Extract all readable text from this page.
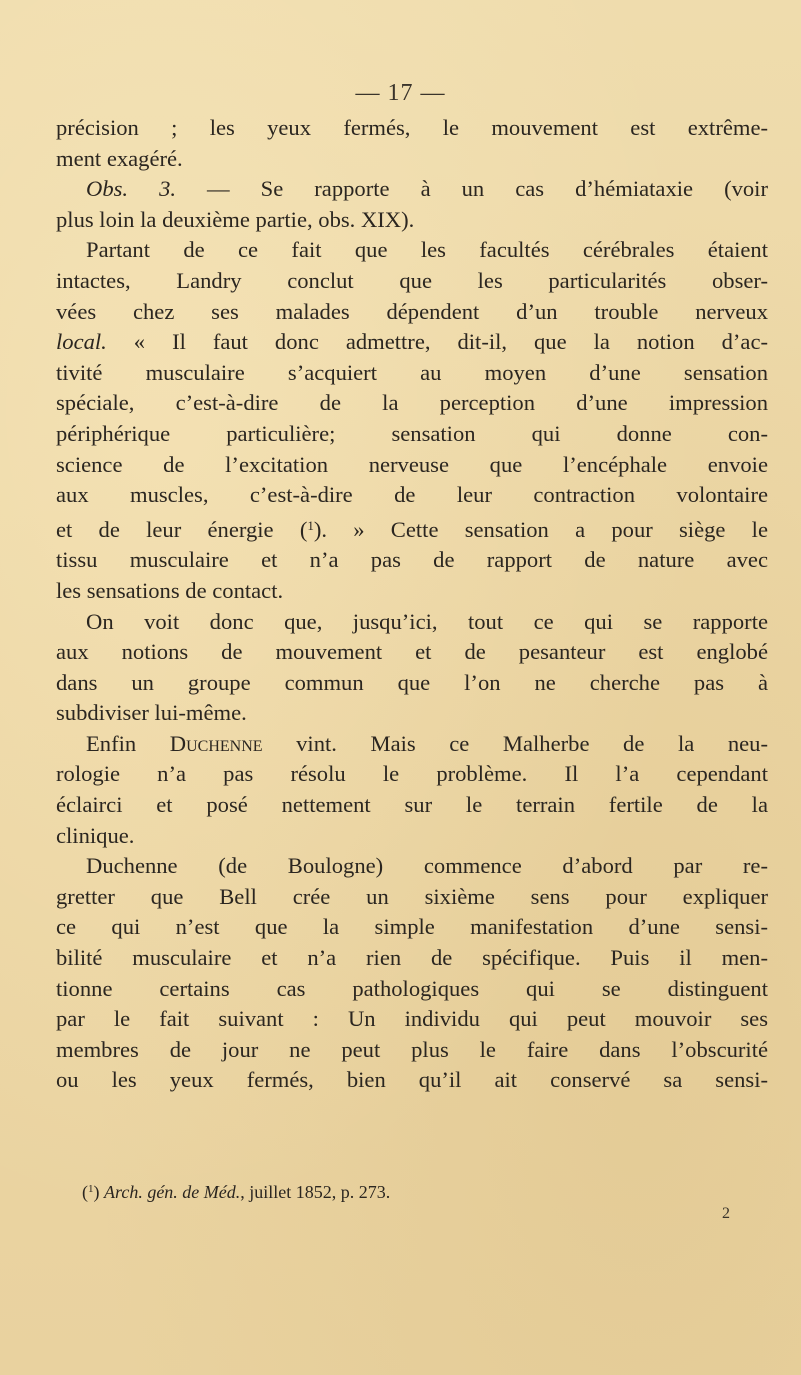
— 17 —
précision ; les yeux fermés, le mouvement est extrême-
ment exagéré.
Obs. 3. — Se rapporte à un cas d’hémiataxie (voir
plus loin la deuxième partie, obs. XIX).
Partant de ce fait que les facultés cérébrales étaient
intactes, Landry conclut que les particularités obser-
vées chez ses malades dépendent d’un trouble nerveux
local. « Il faut donc admettre, dit-il, que la notion d’ac-
tivité musculaire s’acquiert au moyen d’une sensation
spéciale, c’est-à-dire de la perception d’une impression
périphérique particulière; sensation qui donne con-
science de l’excitation nerveuse que l’encéphale envoie
aux muscles, c’est-à-dire de leur contraction volontaire
et de leur énergie ($^1$). » Cette sensation a pour siège le
tissu musculaire et n’a pas de rapport de nature avec
les sensations de contact.
On voit donc que, jusqu’ici, tout ce qui se rapporte
aux notions de mouvement et de pesanteur est englobé
dans un groupe commun que l’on ne cherche pas à
subdiviser lui-même.
Enfin Duchenne vint. Mais ce Malherbe de la neu-
rologie n’a pas résolu le problème. Il l’a cependant
éclairci et posé nettement sur le terrain fertile de la
clinique.
Duchenne (de Boulogne) commence d’abord par re-
gretter que Bell crée un sixième sens pour expliquer
ce qui n’est que la simple manifestation d’une sensi-
bilité musculaire et n’a rien de spécifique. Puis il men-
tionne certains cas pathologiques qui se distinguent
par le fait suivant : Un individu qui peut mouvoir ses
membres de jour ne peut plus le faire dans l’obscurité
ou les yeux fermés, bien qu’il ait conservé sa sensi-
($^1$) Arch. gén. de Méd., juillet 1852, p. 273.
2
